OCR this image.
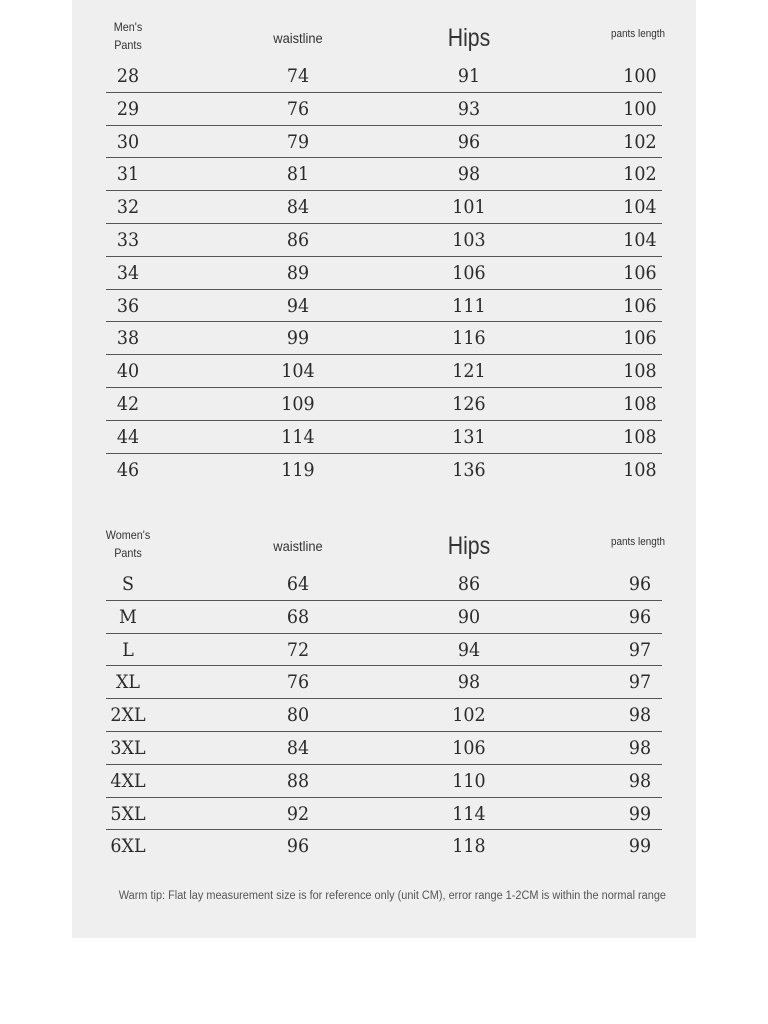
Men's Pants	waistline	Hips	pants length
28	74	91	100
29	76	93	100
30	79	96	102
31	81	98	102
32	84	101	104
33	86	103	104
34	89	106	106
36	94	111	106
38	99	116	106
40	104	121	108
42	109	126	108
44	114	131	108
46	119	136	108
Women's Pants	waistline	Hips	pants length
S	64	86	96
M	68	90	96
L	72	94	97
XL	76	98	97
2XL	80	102	98
3XL	84	106	98
4XL	88	110	98
5XL	92	114	99
6XL	96	118	99
Warm tip: Flat lay measurement size is for reference only (unit CM), error range 1-2CM is within the normal range
